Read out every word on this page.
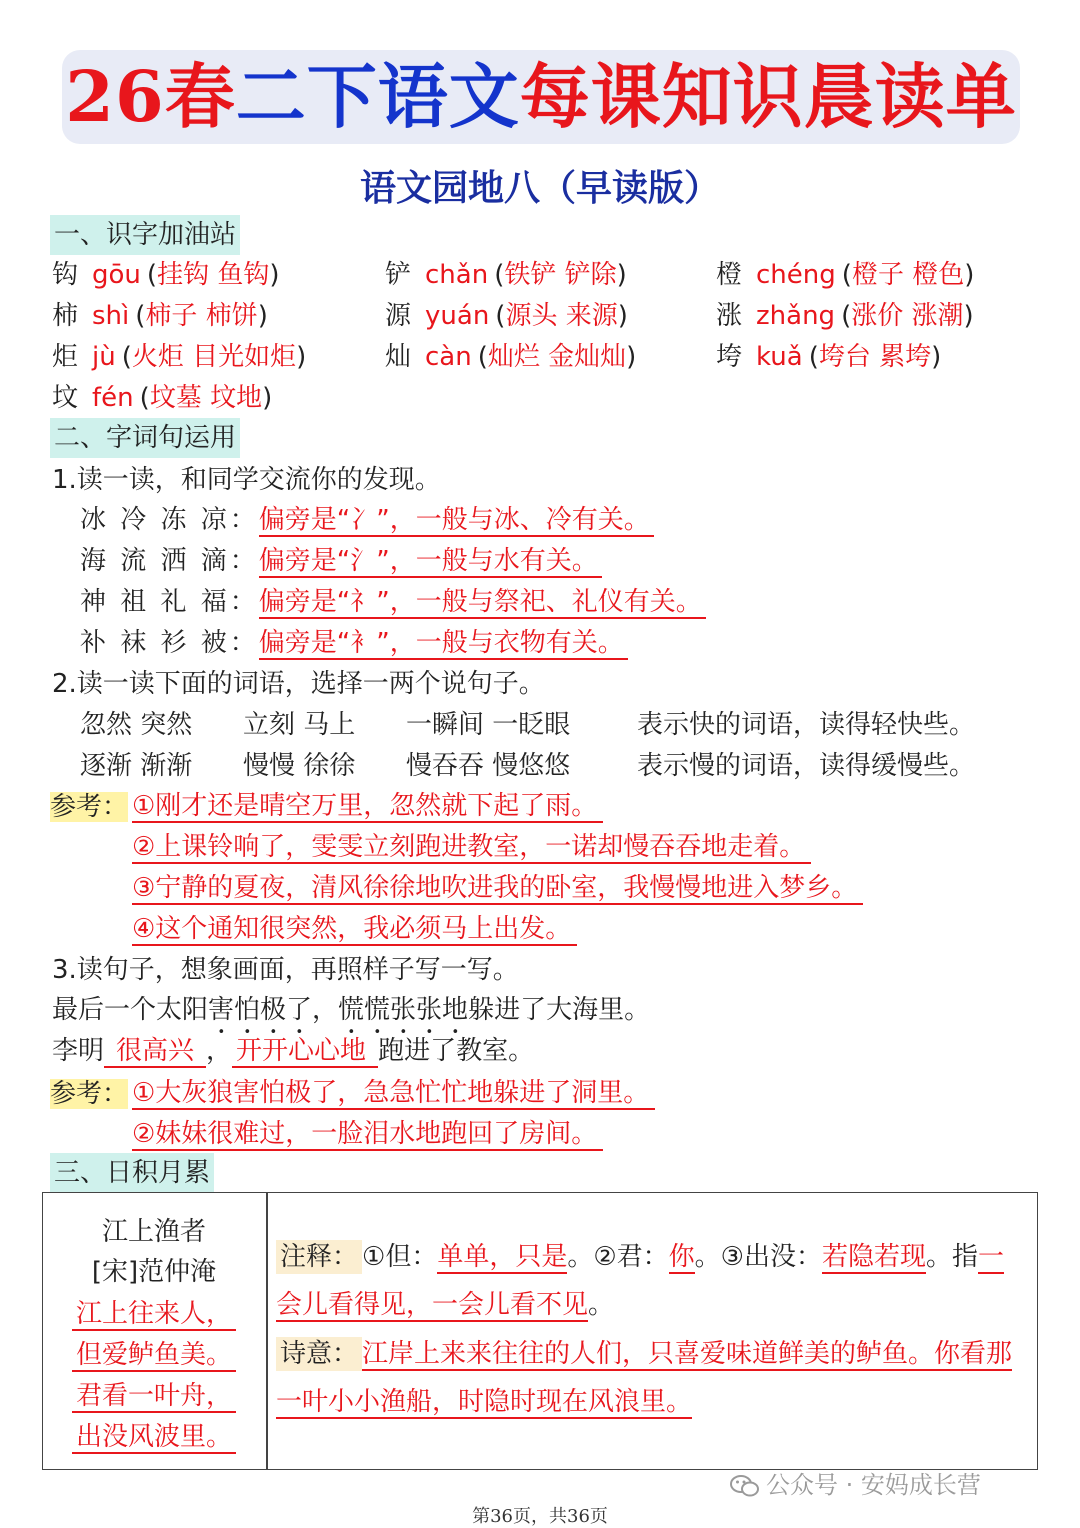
26春二下语文每课知识晨读单
语文园地八（早读版）
一、识字加油站
钩 gōu (挂钩 鱼钩)	铲 chǎn (铁铲 铲除)	橙 chéng (橙子 橙色)
柿 shì (柿子 柿饼)	源 yuán (源头 来源)	涨 zhǎng (涨价 涨潮)
炬 jù (火炬 目光如炬)	灿 càn (灿烂 金灿灿)	垮 kuǎ (垮台 累垮)
坟 fén (坟墓 坟地)
二、字词句运用
1.读一读，和同学交流你的发现。
冰 冷 冻 凉：偏旁是“冫”，一般与冰、冷有关。
海 流 洒 滴：偏旁是“氵”，一般与水有关。
神 祖 礼 福：偏旁是“礻”，一般与祭祀、礼仪有关。
补 袜 衫 被：偏旁是“衤”，一般与衣物有关。
2.读一读下面的词语，选择一两个说句子。
忽然 突然 立刻 马上 一瞬间 一眨眼	表示快的词语，读得轻快些。
逐渐 渐渐 慢慢 徐徐 慢吞吞 慢悠悠	表示慢的词语，读得缓慢些。
参考： ①刚才还是晴空万里，忽然就下起了雨。
②上课铃响了，雯雯立刻跑进教室，一诺却慢吞吞地走着。
③宁静的夏夜，清风徐徐地吹进我的卧室，我慢慢地进入梦乡。
④这个通知很突然，我必须马上出发。
3.读句子，想象画面，再照样子写一写。
最后一个太阳害怕极了，慌慌张张地躲进了大海里。
李明 很高兴 ， 开开心心地 跑进了教室。
参考： ①大灰狼害怕极了，急急忙忙地躲进了洞里。
②妹妹很难过，一脸泪水地跑回了房间。
三、日积月累
江上渔者
[宋]范仲淹
江上往来人，
但爱鲈鱼美。
君看一叶舟，
出没风波里。
注释： ①但：单单，只是。②君：你。③出没：若隐若现。指一
会儿看得见，一会儿看不见。
诗意： 江岸上来来往往的人们，只喜爱味道鲜美的鲈鱼。你看那
一叶小小渔船，时隐时现在风浪里。
公众号 · 安妈成长营
第36页，共36页
